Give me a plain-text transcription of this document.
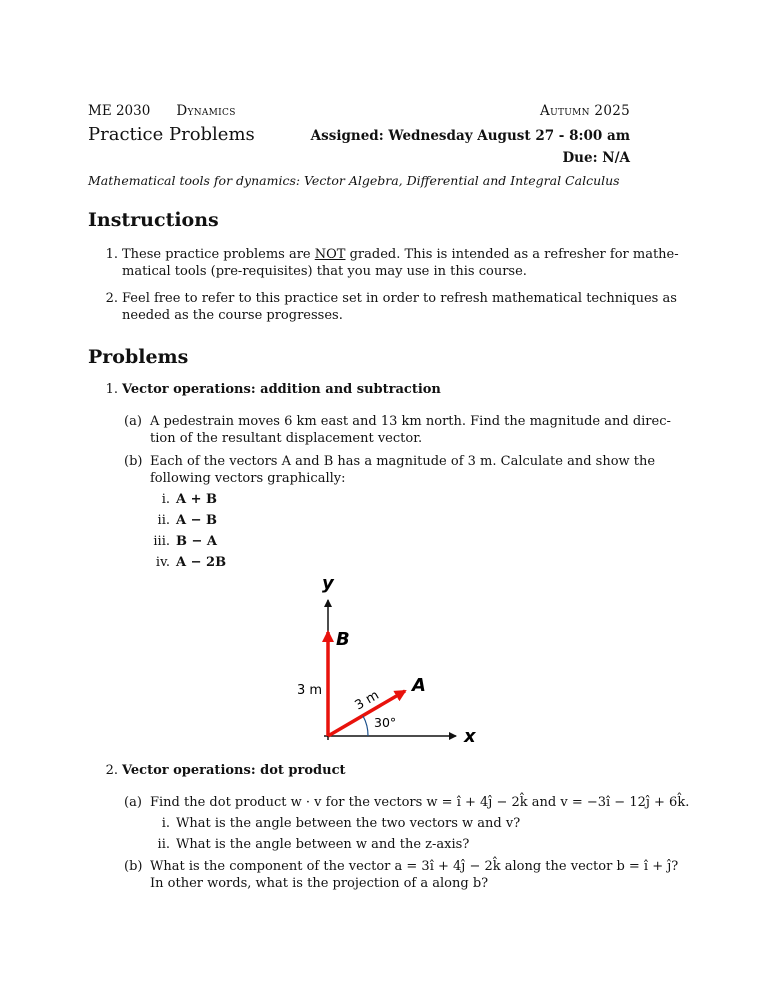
ME 2030 Dynamics	Autumn 2025
Practice Problems	Assigned: Wednesday August 27 - 8:00 am
Due: N/A
Mathematical tools for dynamics: Vector Algebra, Differential and Integral Calculus
Instructions
1. These practice problems are NOT graded. This is intended as a refresher for mathe-
matical tools (pre-requisites) that you may use in this course.
2. Feel free to refer to this practice set in order to refresh mathematical techniques as
needed as the course progresses.
Problems
1. Vector operations: addition and subtraction
(a) A pedestrain moves 6 km east and 13 km north. Find the magnitude and direc-
tion of the resultant displacement vector.
(b) Each of the vectors A and B has a magnitude of 3 m. Calculate and show the
following vectors graphically:
i. A + B
ii. A − B
iii. B − A
iv. A − 2B
y
x
B
A
3 m 3 m
30°
2. Vector operations: dot product
(a) Find the dot product w · v for the vectors w = î + 4ĵ − 2k̂ and v = −3î − 12ĵ + 6k̂.
i. What is the angle between the two vectors w and v?
ii. What is the angle between w and the z-axis?
(b) What is the component of the vector a = 3î + 4ĵ − 2k̂ along the vector b = î + ĵ?
In other words, what is the projection of a along b?
